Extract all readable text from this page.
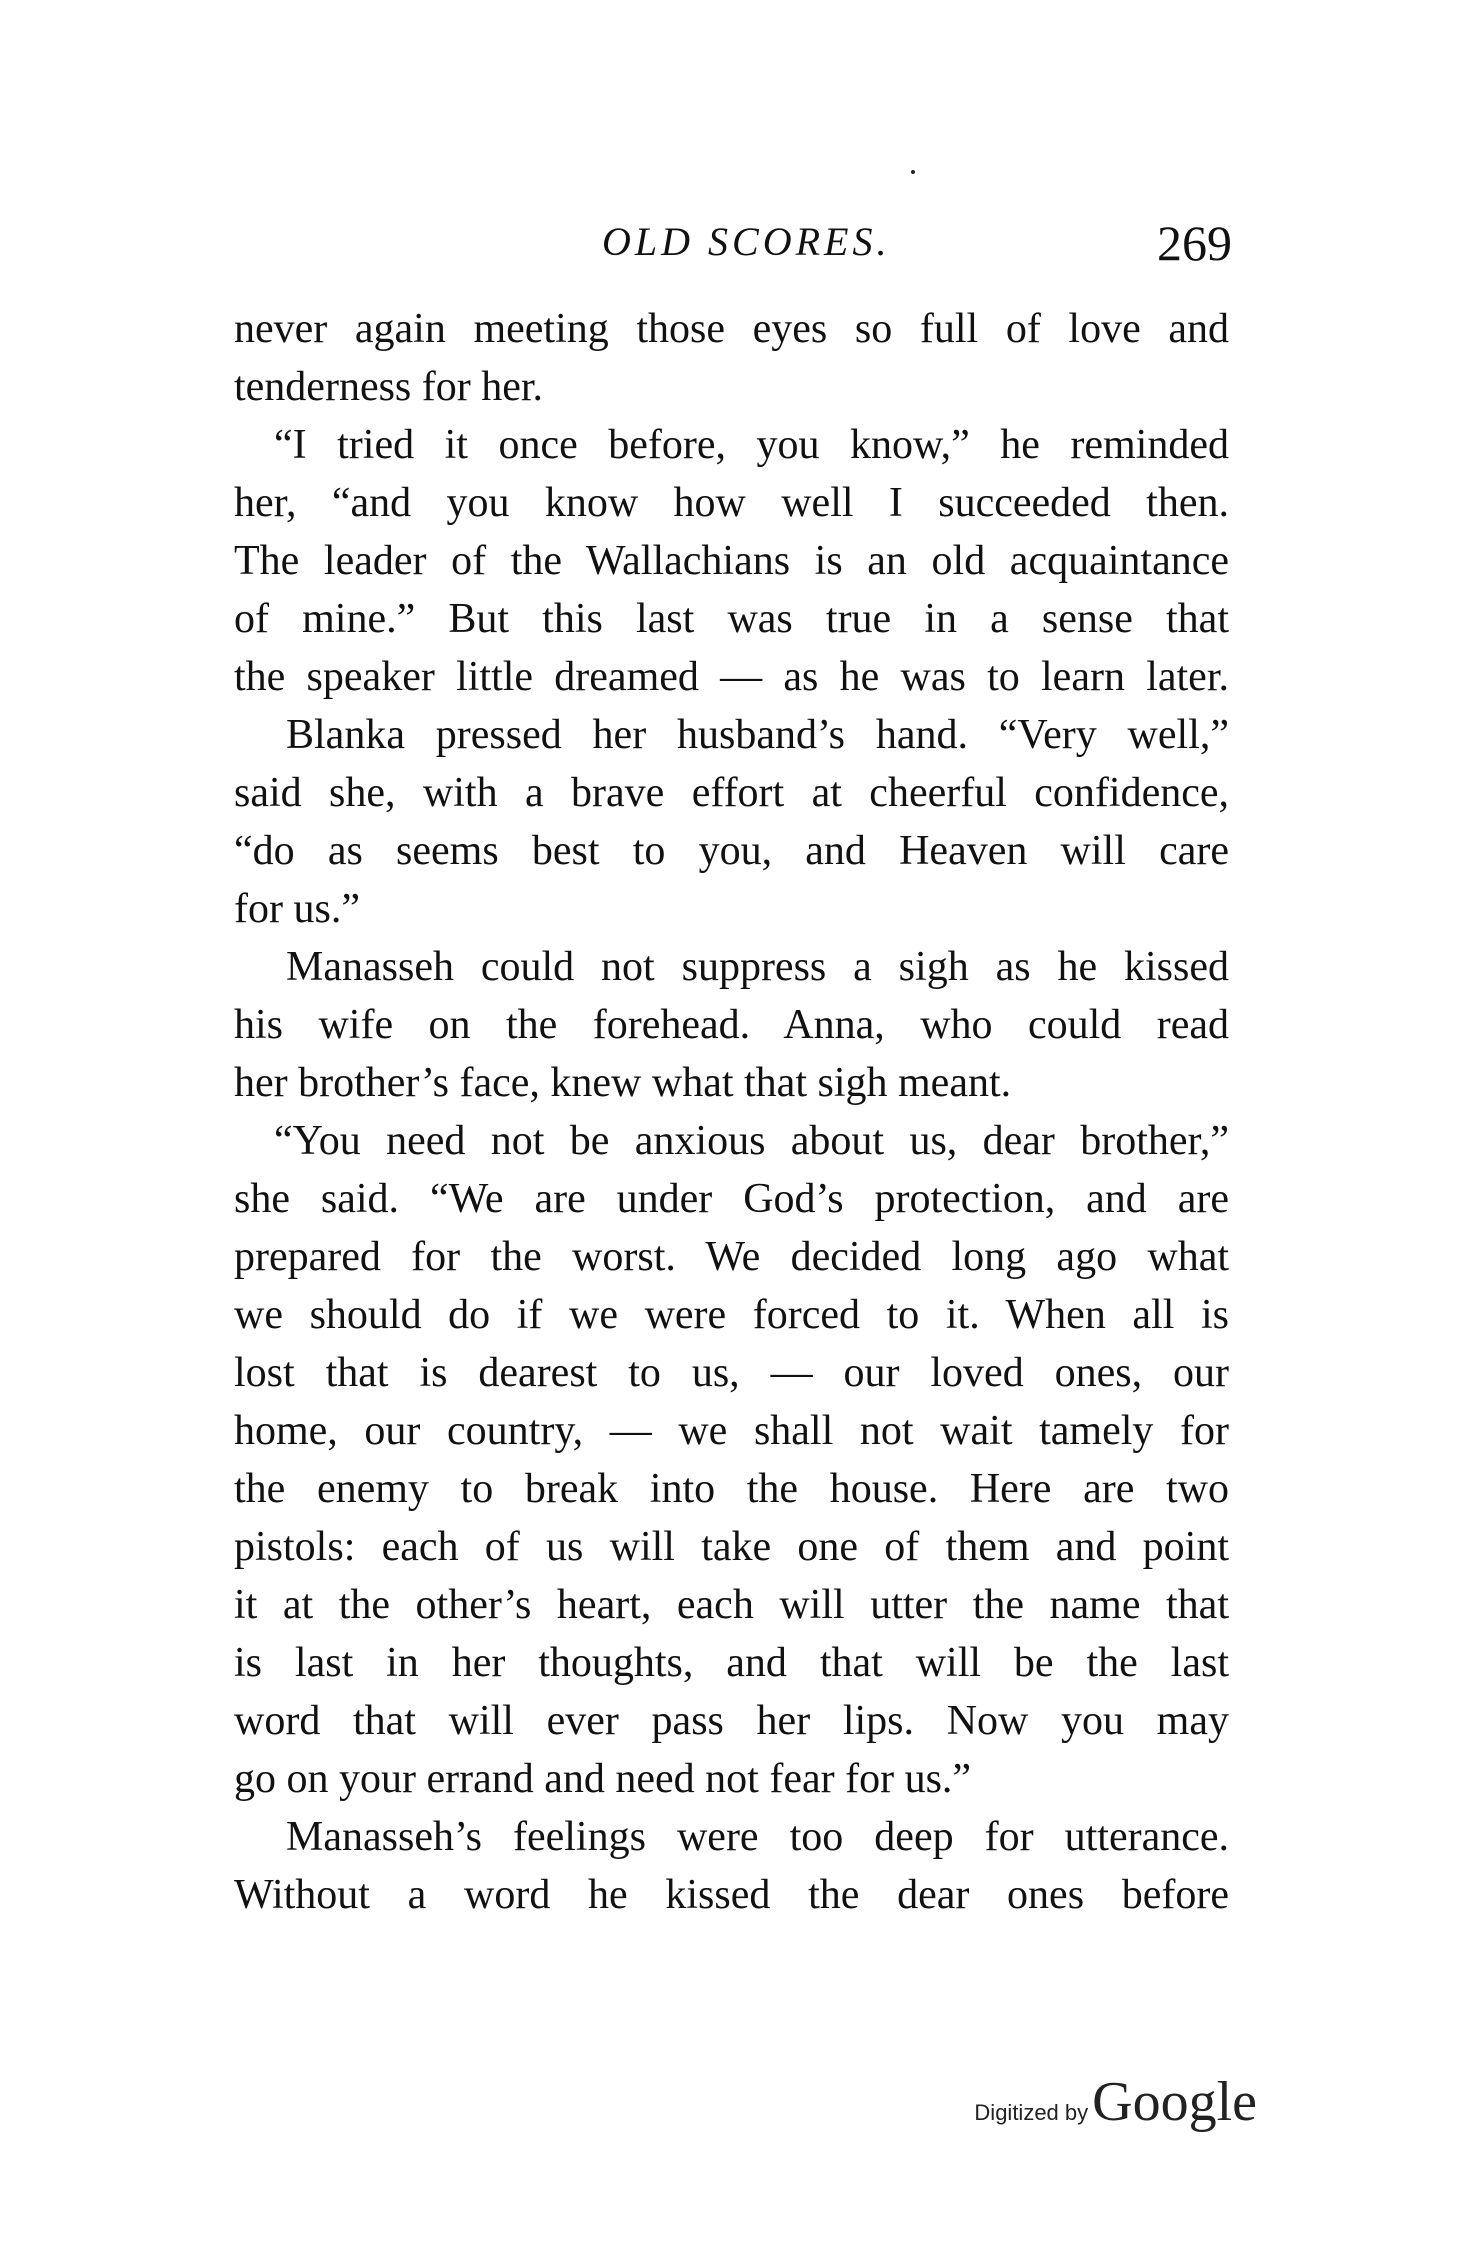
OLD SCORES.	269
never again meeting those eyes so full of love and
tenderness for her.
“I tried it once before, you know,” he reminded
her, “and you know how well I succeeded then.
The leader of the Wallachians is an old acquaintance
of mine.” But this last was true in a sense that
the speaker little dreamed — as he was to learn later.
Blanka pressed her husband’s hand. “Very well,”
said she, with a brave effort at cheerful confidence,
“do as seems best to you, and Heaven will care
for us.”
Manasseh could not suppress a sigh as he kissed
his wife on the forehead. Anna, who could read
her brother’s face, knew what that sigh meant.
“You need not be anxious about us, dear brother,”
she said. “We are under God’s protection, and are
prepared for the worst. We decided long ago what
we should do if we were forced to it. When all is
lost that is dearest to us, — our loved ones, our
home, our country, — we shall not wait tamely for
the enemy to break into the house. Here are two
pistols: each of us will take one of them and point
it at the other’s heart, each will utter the name that
is last in her thoughts, and that will be the last
word that will ever pass her lips. Now you may
go on your errand and need not fear for us.”
Manasseh’s feelings were too deep for utterance.
Without a word he kissed the dear ones before
Digitized byGoogle
